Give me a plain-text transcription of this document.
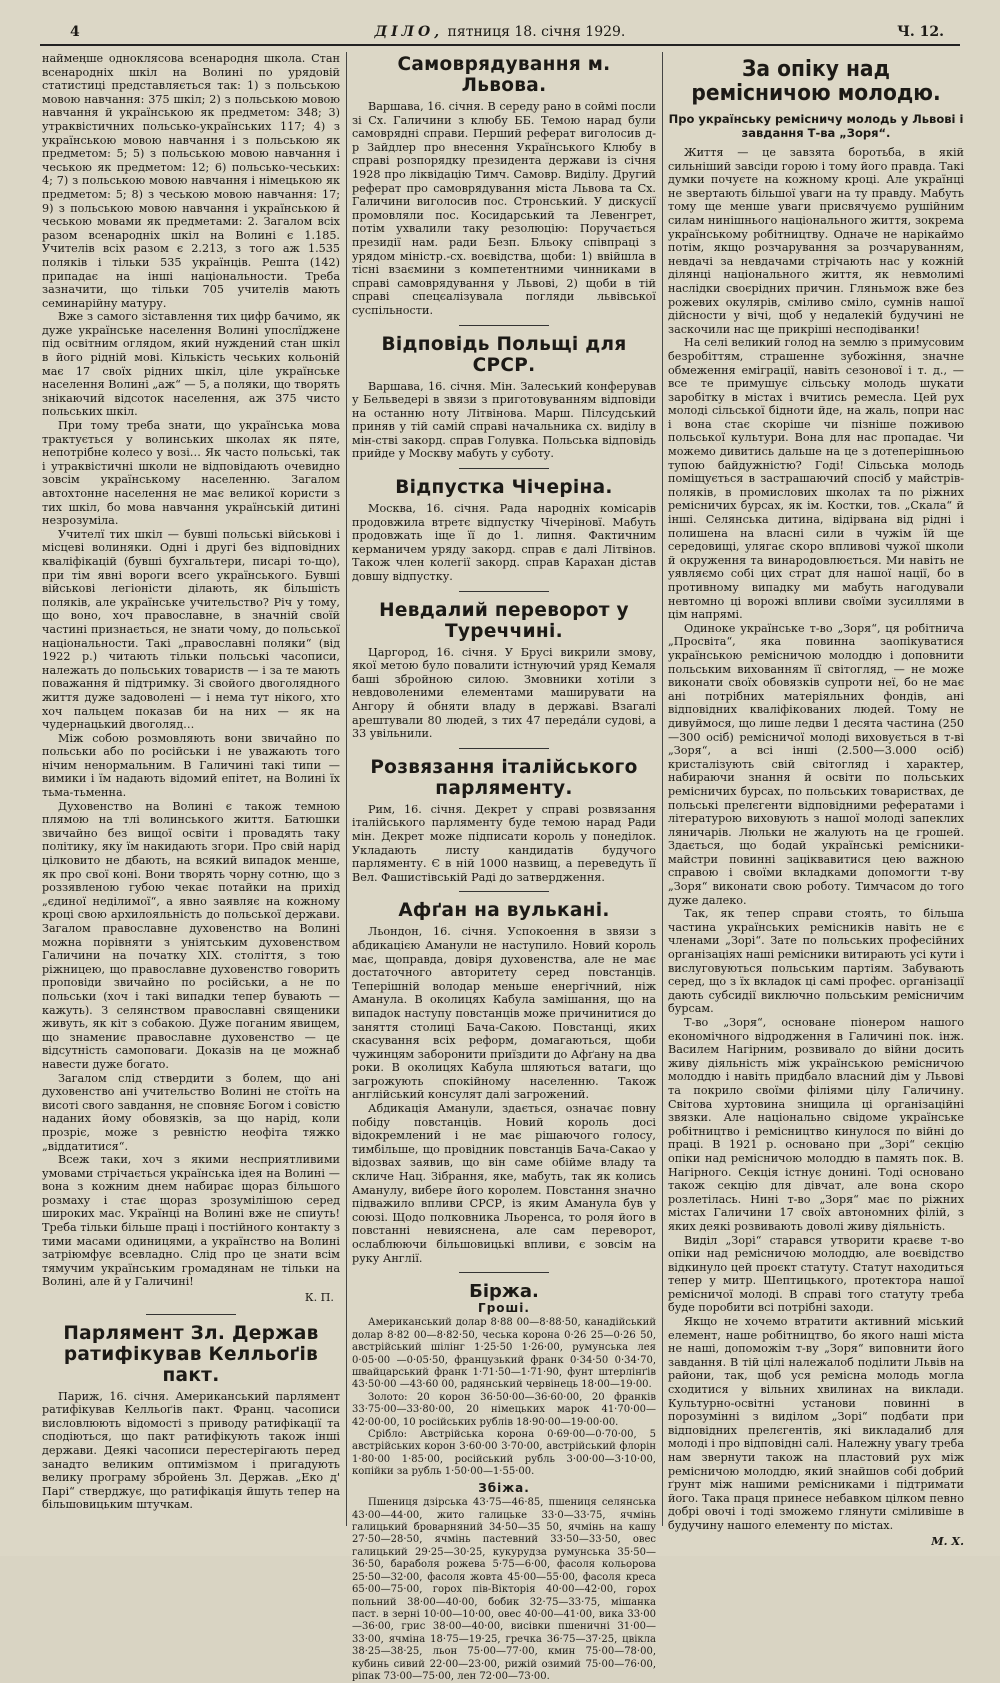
4	ДІЛО, пятниця 18. січня 1929.	Ч. 12.

наймеңше одноклясова всенародня школа. Стан всенародніх шкіл на Волині по урядовій статистиці представляється так: 1) з польською мовою навчання: 375 шкіл; 2) з польською мовою навчання й українською як предметом: 348; 3) утраквістичних польсько-українських 117; 4) з українською мовою навчання і з польською як предметом: 5; 5) з польською мовою навчання і чеською як предметом: 12; 6) польсько-чеських: 4; 7) з польською мовою навчання і німецькою як предметом: 5; 8) з чеською мовою навчання: 17; 9) з польською мовою навчання і українською й чеською мовами як предметами: 2. Загалом всіх разом всенародніх шкіл на Волині є 1.185. Учителів всіх разом є 2.213, з того аж 1.535 поляків і тільки 535 українців. Решта (142) припадає на інші національности. Треба зазначити, що тільки 705 учителів мають семинарійну матуру.

Вже з самого зіставлення тих цифр бачимо, як дуже українське населення Волині упослїджене під освітним оглядом, який нуждений стан шкіл в його рідній мові. Кількість чеських кольоній має 17 своїх рідних шкіл, ціле українське населення Волині „аж“ — 5, а поляки, що творять знікаючий відсоток населення, аж 375 чисто польських шкіл.

При тому треба знати, що українська мова трактується у волинських школах як пяте, непотрібне колесо у возі… Як часто польські, так і утраквістичні школи не відповідають очевидно зовсім українському населенню. Загалом автохтонне населення не має великої користи з тих шкіл, бо мова навчання українській дитині незрозуміла.

Учителї тих шкіл — бувші польські військові і місцеві волиняки. Одні і другі без відповідних кваліфікацій (бувші бухгальтери, писарі то-що), при тім явні вороги всего українського. Бувші військові легіоністи ділають, як більшість поляків, але українське учительство? Річ у тому, що воно, хоч православне, в значній своїй частині признається, не знати чому, до польської національности. Такі „православні поляки“ (від 1922 р.) читають тільки польські часописи, належать до польських товариств — і за те мають поважання й підтримку. Зі свойого двоголядного життя дуже задоволені — і нема тут нікого, хто хоч пальцем показав би на них — як на чудернацький двоголяд…

Між собою розмовляють вони звичайно по польськи або по російськи і не уважають того нічим ненормальним. В Галичині такі типи — вимики і їм надають відомий епітет, на Волині їх тьма-тьменна.

Духовенство на Волині є також темною плямою на тлі волинського життя. Батюшки звичайно без вищої освіти і провадять таку політику, яку їм накидають згори. Про свій нарід цілковито не дбають, на всякий випадок менше, як про свої коні. Вони творять чорну сотню, що з роззявленою губою чекає потайки на прихід „єдиної неділимої“, а явно заявляє на кожному кроці свою архилояльність до польської держави. Загалом православне духовенство на Волині можна порівняти з уніятським духовенством Галичини на початку XIX. століття, з тою ріжницею, що православне духовенство говорить проповіди звичайно по російськи, а не по польськи (хоч і такі випадки тепер бувають — кажуть). З селянством православні священики живуть, як кіт з собакою. Дуже поганим явищем, що знамениє православне духовенство — це відсутність самоповаги. Доказів на це можнаб навести дуже богато.

Загалом слід ствердити з болем, що ані духовенство ані учительство Волині не стоїть на висоті свого завдання, не сповняє Богом і совістю наданих йому обовязків, за що нарід, коли прозріє, може з ревністю неофіта тяжко „віддатитися“.

Всеж таки, хоч з якими несприятливими умовами стрічається українська ідея на Волині — вона з кожним днем набирає щораз більшого розмаху і стає щораз зрозумілішою серед широких мас. Українці на Волині вже не спиуть! Треба тільки більше праці і постійного контакту з тими масами одиницями, а українство на Волині затріюмфує всевладно. Слід про це знати всім тямучим українським громадянам не тільки на Волині, але й у Галичині!

К. П.
Парлямент Зл. Держав ратифікував Келльоґів пакт.

Париж, 16. січня. Американський парлямент ратифікував Келльоґів пакт. Франц. часописи висловлюють відомості з приводу ратифікації та сподіються, що пакт ратифікують також інші держави. Деякі часописи перестерігають перед занадто великим оптимізмом і пригадують велику програму збройень Зл. Держав. „Еко д' Парі“ стверджує, що ратифікація йшуть тепер на більшовицьким штучкам.

Самоврядування м. Львова.

Варшава, 16. січня. В середу рано в соймі посли зі Сх. Галичини з клюбу ББ. Темою нарад були самоврядні справи. Перший реферат виголосив д-р Зайдлер про внесення Українського Клюбу в справі розпорядку президента держави із січня 1928 про ліквідацію Тимч. Самовр. Виділу. Другий реферат про самоврядування міста Львова та Сх. Галичини виголосив пос. Стронський. У дискусії промовляли пос. Косидарський та Левенгрет, потім ухвалили таку резолюцію: Поручається президії нам. ради Безп. Бльоку співпраці з урядом міністр.-сх. воєвідства, щоби: 1) ввійшла в тісні взаємини з компетентними чинниками в справі самоврядування у Львові, 2) щоби в тій справі спецєалізувала погляди львівської суспільности.

Відповідь Польщі для СРСР.

Варшава, 16. січня. Мін. Залеський конферував у Бельведері в звязи з приготовуванням відповіди на останню ноту Літвінова. Марш. Пілсудський приняв у тій самій справі начальника сх. виділу в мін-стві закорд. справ Голувка. Польська відповідь прийде у Москву мабуть у суботу.

Відпустка Чічеріна.

Москва, 16. січня. Рада народніх комісарів продовжила втретє відпустку Чічеріновї. Мабуть продовжать іще її до 1. липня. Фактичним керманичем уряду закорд. справ є далі Літвінов. Також член колегії закорд. справ Карахан дістав довшу відпустку.

Невдалий переворот у Туреччині.

Царгород, 16. січня. У Брусі викрили змову, якої метою було повалити істнуючий уряд Кемаля баші збройною силою. Змовники хотіли з невдоволеними елементами маширувати на Ангору й обняти владу в державі. Взагалі арештували 80 людей, з тих 47 переда́ли судові, а 33 увільнили.

Розвязання італійського парляменту.

Рим, 16. січня. Декрет у справі розвязання італійського парляменту буде темою нарад Ради мін. Декрет може підписати король у понеділок. Укладають листу кандидатів будучого парляменту. Є в ній 1000 назвищ, а переведуть її Вел. Фашистівській Раді до затвердження.

Афґан на вулькані.

Льондон, 16. січня. Успокоення в звязи з абдикацією Аманули не наступило. Новий король має, щоправда, довіря духовенства, але не має достаточного авторитету серед повстанців. Теперішній володар меньше енергічний, ніж Аманула. В околицях Кабула замішання, що на випадок наступу повстанців може причинитися до заняття столиці Бача-Сакою. Повстанці, яких скасування всіх реформ, домагаються, щоби чужинцям заборонити приїздити до Афґану на два роки. В околицях Кабула шляються ватаги, що загрожують спокійному населенню. Також англійський консулят далі загрожений.

Абдикація Аманули, здається, означає повну побіду повстанців. Новий король досі відокремлений і не має рішаючого голосу, тимбільше, що провідник повстанців Бача-Сакао у відозвах заявив, що він саме обійме владу та скличе Нац. Зібрання, яке, мабуть, так як колись Аманулу, вибере його королем. Повстання значно підважило впливи СРСР, із яким Аманула був у союзі. Щодо полковника Льоренса, то роля його в повстанні невиясненa, але сам переворот, ослаблюючи більшовицькі впливи, є зовсім на руку Англії.

Біржа.
Гроші.

Американський долар 8·88 00—8·88·50, канадійський долар 8·82 00—8·82·50, чеська корона 0·26 25—0·26 50, австрійський шілінг 1·25·50 1·26·00, румунська лея 0·05·00 —0·05·50, французький франк 0·34·50 0·34·70, швайцарський франк 1·71·50—1·71·90, фунт штерлінґів 43·50·00 —43·60 00, радянський червінець 18·00—19·00.

Золото: 20 корон 36·50·00—36·60·00, 20 франків 33·75·00—33·80·00, 20 німецьких марок 41·70·00—42·00·00, 10 російських рублів 18·90·00—19·00·00.

Срібло: Австрійська корона 0·69·00—0·70·00, 5 австрійських корон 3·60·00 3·70·00, австрійський флорін 1·80·00 1·85·00, російський рубль 3·00·00—3·10·00, копійки за рубль 1·50·00—1·55·00.

Збіжа.

Пшениця дзірська 43·75—46·85, пшениця селянська 43·00—44·00, жито галицьке 33·0—33·75, ячмінь галицький броварняний 34·50—35 50, ячмінь на кашу 27·50—28·50, ячмінь пастевний 33·50—33·50, овес галицький 29·25—30·25, кукурудза румунська 35·50—36·50, бараболя рожева 5·75—6·00, фасоля кольорова 25·50—32·00, фасоля жовта 45·00—55·00, фасоля креса 65·00—75·00, горох пів-Вікторія 40·00—42·00, горох польний 38·00—40·00, бобик 32·75—33·75, мішанка паст. в зерні 10·00—10·00, овес 40·00—41·00, вика 33·00—36·00, грис 38·00—40·00, висівки пшеничні 31·00—33·00, ячміна 18·75—19·25, гречка 36·75—37·25, цвікла 38·25—38·25, льон 75·00—77·00, кмин 75·00—78·00, кубинь сивий 22·00—23·00, рижій озимий 75·00—76·00, ріпак 73·00—75·00, лен 72·00—73·00.

За опіку над ремісничою молодю.
Про українську ремісничу молодь у Львові і завдання Т-ва „Зоря“.

Життя — це завзята боротьба, в якій сильніший завсіди горою і тому його правда. Такі думки почуєте на кожному кроці. Але українці не звертають більшої уваги на ту правду. Мабуть тому ще менше уваги присвячуємо рушійним силам нинішнього національного життя, зокрема українському робітництву. Одначе не нарікаймо потім, якщо розчарування за розчаруванням, невдачі за невдачами стрічають нас у кожній ділянці національного життя, як невмолимі наслідки своєрідних причин. Гляньмож вже без рожевих окулярів, сміливо сміло, сумнів нашої дійсности у вічі, щоб у недалекій будучині не заскочили нас ще прикріші несподіванки!

На селі великий голод на землю з примусовим безробіттям, страшенне зубожіння, значне обмеження еміграції, навіть сезонової і т. д., — все те примушує сільську молодь шукати заробітку в містах і вчитись ремесла. Цей рух молоді сільської бідноти йде, на жаль, попри нас і вона стає скоріше чи пізніше поживою польської культури. Вона для нас пропадає. Чи можемо дивитись дальше на це з дотеперішньою тупою байдужністю? Годі! Сільська молодь поміщується в застрашаючий спосіб у майстрів-поляків, в промислових школах та по ріжних ремісничих бурсах, як ім. Костки, тов. „Скала“ й інші. Селянська дитина, відірвана від рідні і полишена на власні сили в чужім їй ще середовищі, улягає скоро впливові чужої школи й окруження та винародовлюється. Ми навіть не уявляємо собі цих страт для нашої нації, бо в противному випадку ми мабуть нагодували невтомно ці ворожі впливи своїми зусиллями в цім напрямі.

Одиноке українське т-во „Зоря“, ця робітнича „Просвіта“, яка повинна заопікуватися українською ремісничою молоддю і доповнити польським вихованням її світогляд, — не може виконати своїх обовязків супроти неї, бо не має ані потрібних матеріяльних фондів, ані відповідних кваліфікованих людей. Тому не дивуймося, що лише ледви 1 десята частина (250—300 осіб) ремісничої молоді виховується в т-ві „Зоря“, а всі інші (2.500—3.000 осіб) кристалізують свій світогляд і характер, набираючи знання й освіти по польських ремісничих бурсах, по польських товариствах, де польські прелєгенти відповідними рефератами і літературою виховують з нашої молоді запеклих ляничарів. Люльки не жалують на це грошей. Здається, що бодай українські ремісники-майстри повинні заціквавитися цею важною справою і своїми вкладками допомогти т-ву „Зоря“ виконати свою роботу. Тимчасом до того дуже далеко.

Так, як тепер справи стоять, то більша частина українських ремісників навіть не є членами „Зорі“. Зате по польських професійних організаціях наші ремісники витирають усі кути і вислуговуються польським партіям. Забувають серед, що з їх вкладок ці самі профес. організації дають субсидії виключно польським ремісничим бурсам.

Т-во „Зоря“, основане піонером нашого економічного відродження в Галичині пок. інж. Василем Нагірним, розвивало до війни досить живу діяльність між українською ремісничою молоддю і навіть придбало власний дім у Львові та покрило своїми філіями цілу Галичину. Світова хуртовина знищила ці організаційні звязки. Але національно свідоме українське робітництво і ремісництво кинулося по війні до праці. В 1921 р. основано при „Зорі“ секцію опіки над ремісничою молоддю в память пок. В. Нагірного. Секція істнує донині. Тоді основано також секцію для дівчат, але вона скоро розлетілась. Нині т-во „Зоря“ має по ріжних містах Галичини 17 своїх автономних філій, з яких деякі розвивають доволі живу діяльність.

Виділ „Зорі“ старався утворити краєве т-во опіки над ремісничою молоддю, але воєвідство відкинуло цей проєкт статуту. Статут находиться тепер у митр. Шептицького, протектора нашої ремісничої молоді. В справі того статуту треба буде поробити всі потрібні заходи.

Якщо не хочемо втратити активний міський елемент, наше робітництво, бо якого наші міста не наші, допоможім т-ву „Зоря“ виповнити його завдання. В тій цілі належалоб поділити Львів на райони, так, щоб уся ремісна молодь могла сходитися у вільних хвилинах на виклади. Культурно-освітні установи повинні в порозумінні з виділом „Зорі“ подбати при відповідних прелєгентів, які викладалиб для молоді і про відповідні салі. Належну увагу треба нам звернути також на пластовий рух між ремісничою молоддю, який знайшов собі добрий ґрунт між нашими ремісниками і підтримати його. Така праця принесе небавком цілком певно добрі овочі і тоді зможемо глянути сміливіше в будучину нашого елементу по містах.

М. Х.
